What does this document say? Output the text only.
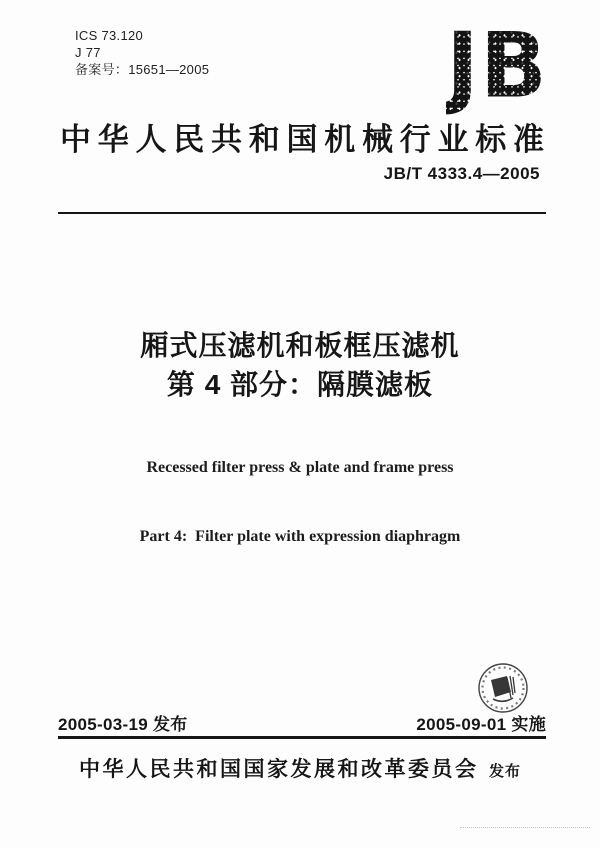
ICS 73.120
J 77
备案号：15651—2005	JB
中华人民共和国机械行业标准
JB/T 4333.4—2005
厢式压滤机和板框压滤机
第 4 部分：隔膜滤板

Recessed filter press & plate and frame press

Part 4:  Filter plate with expression diaphragm

2005-03-19 发布	2005-09-01 实施
中华人民共和国国家发展和改革委员会 发布
